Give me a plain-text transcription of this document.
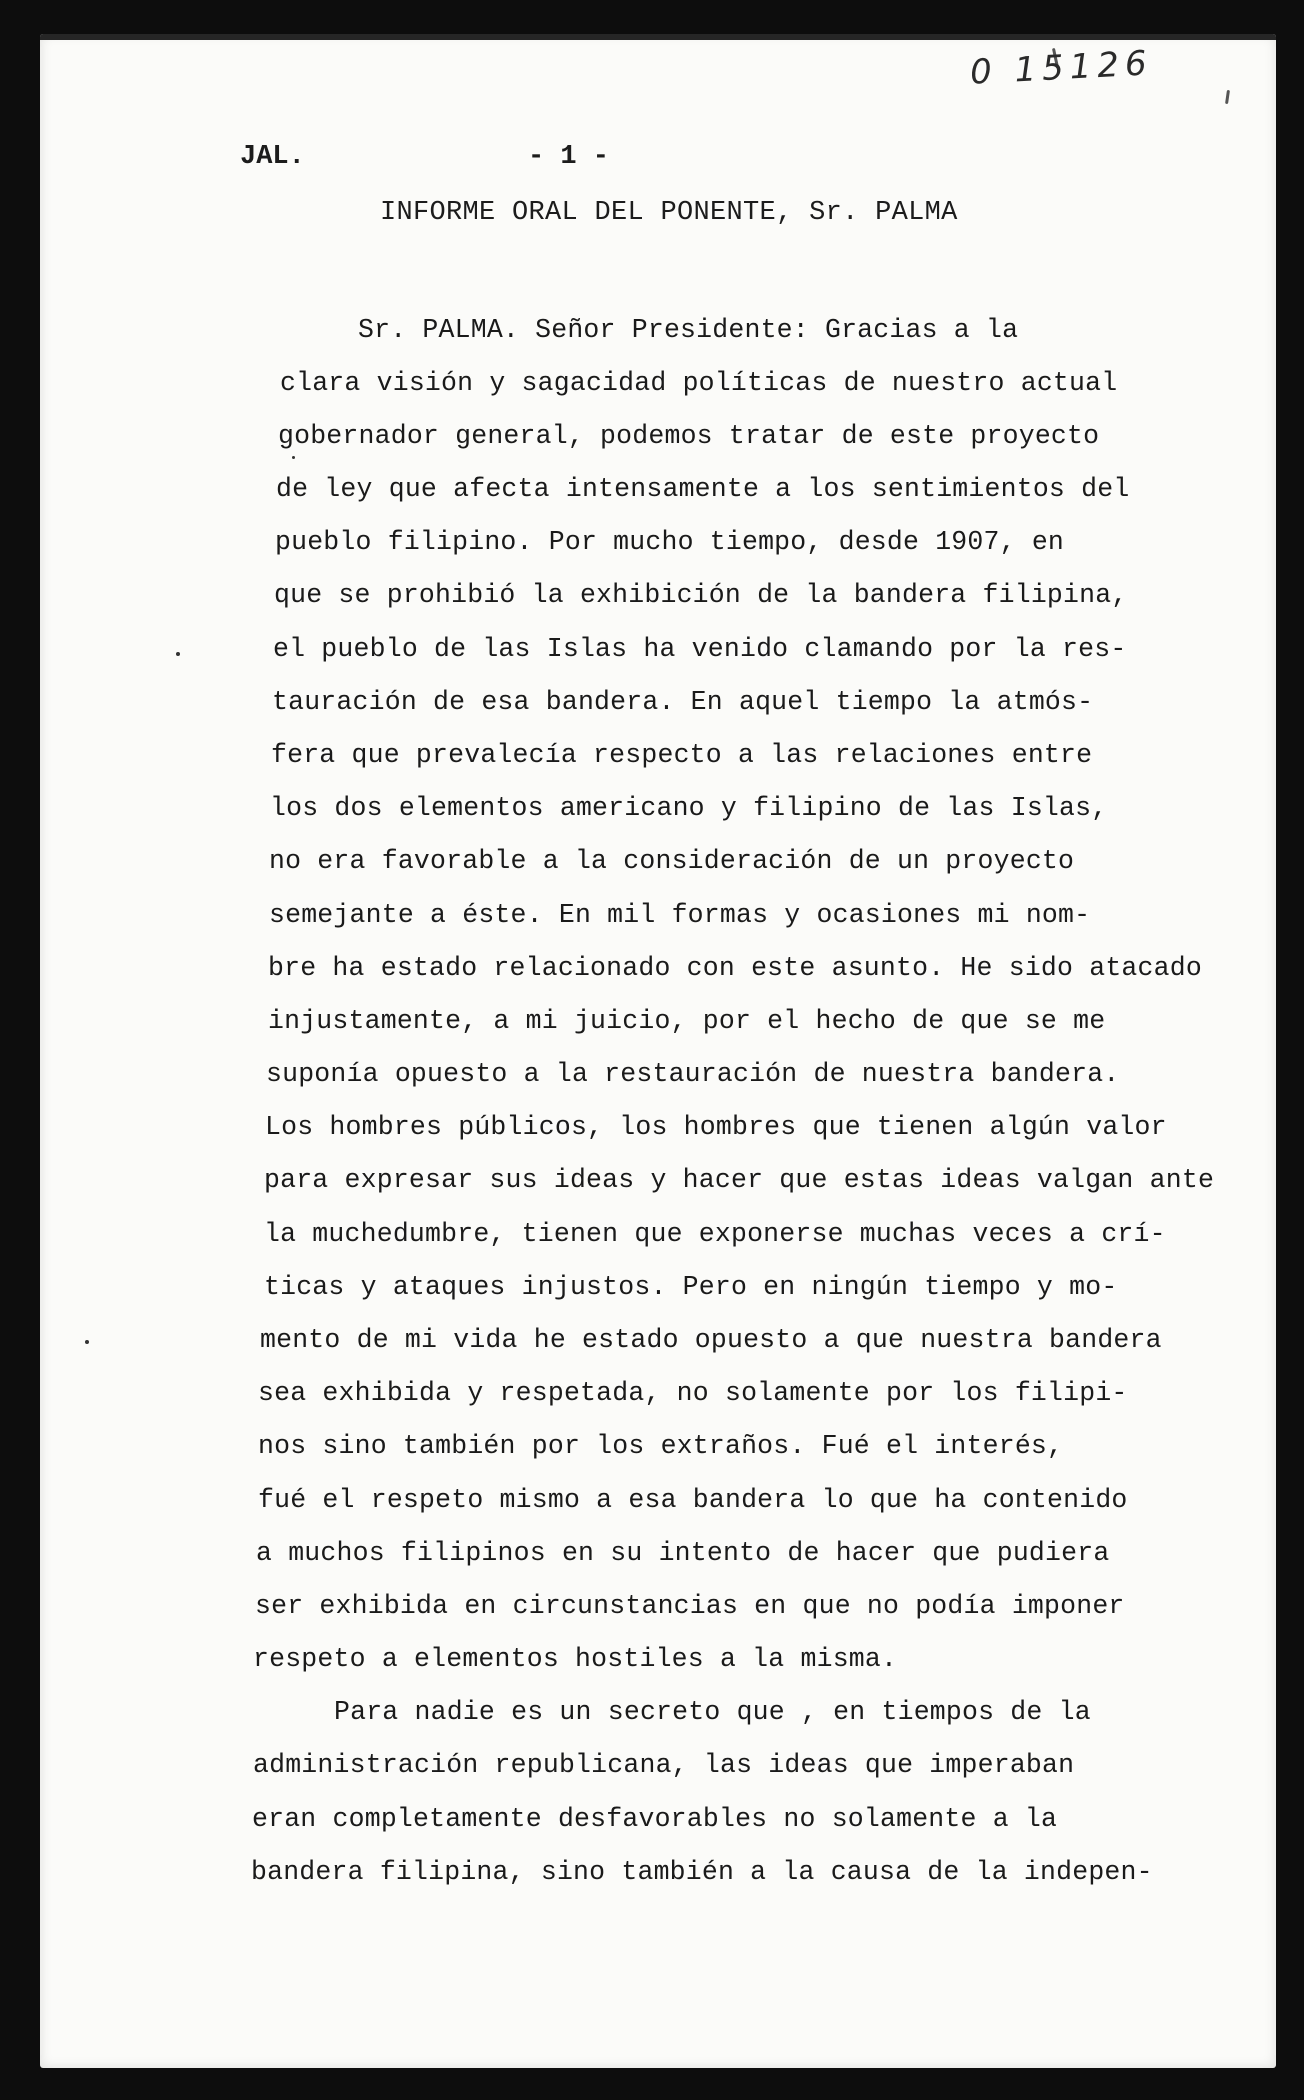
0 15126
JAL.	- 1 -
INFORME ORAL DEL PONENTE, Sr. PALMA
Sr. PALMA. Señor Presidente: Gracias a la
clara visión y sagacidad políticas de nuestro actual
gobernador general, podemos tratar de este proyecto
de ley que afecta intensamente a los sentimientos del
pueblo filipino. Por mucho tiempo, desde 1907, en
que se prohibió la exhibición de la bandera filipina,
el pueblo de las Islas ha venido clamando por la res-
tauración de esa bandera. En aquel tiempo la atmós-
fera que prevalecía respecto a las relaciones entre
los dos elementos americano y filipino de las Islas,
no era favorable a la consideración de un proyecto
semejante a éste. En mil formas y ocasiones mi nom-
bre ha estado relacionado con este asunto. He sido atacado
injustamente, a mi juicio, por el hecho de que se me
suponía opuesto a la restauración de nuestra bandera.
Los hombres públicos, los hombres que tienen algún valor
para expresar sus ideas y hacer que estas ideas valgan ante
la muchedumbre, tienen que exponerse muchas veces a crí-
ticas y ataques injustos. Pero en ningún tiempo y mo-
mento de mi vida he estado opuesto a que nuestra bandera
sea exhibida y respetada, no solamente por los filipi-
nos sino también por los extraños. Fué el interés,
fué el respeto mismo a esa bandera lo que ha contenido
a muchos filipinos en su intento de hacer que pudiera
ser exhibida en circunstancias en que no podía imponer
respeto a elementos hostiles a la misma.
Para nadie es un secreto que , en tiempos de la
administración republicana, las ideas que imperaban
eran completamente desfavorables no solamente a la
bandera filipina, sino también a la causa de la indepen-
